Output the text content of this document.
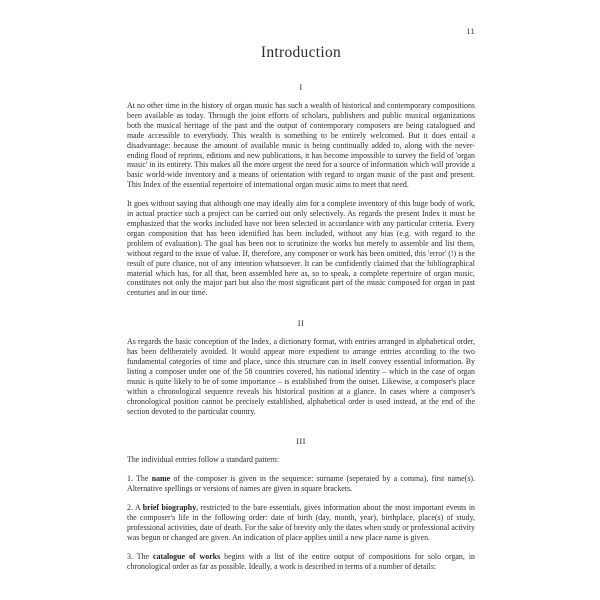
11
Introduction
I

At no other time in the history of organ music has such a wealth of historical and contemporary compositions been available as today. Through the joint efforts of scholars, publishers and public musical organizations both the musical heritage of the past and the output of contemporary composers are being catalogued and made accessible to everybody. This wealth is something to be entirely welcomed. But it does entail a disadvantage: because the amount of available music is being continually added to, along with the never-ending flood of reprints, editions and new publications, it has become impossible to survey the field of 'organ music' in its entirety. This makes all the more urgent the need for a source of information which will provide a basic world-wide inventory and a means of orientation with regard to organ music of the past and present. This Index of the essential repertoire of international organ music aims to meet that need.

It goes without saying that although one may ideally aim for a complete inventory of this huge body of work, in actual practice such a project can be carried out only selectively. As regards the present Index it must be emphasized that the works included have not been selected in accordance with any particular criteria. Every organ composition that has been identified has been included, without any bias (e.g. with regard to the problem of evaluation). The goal has been not to scrutinize the works but merely to assemble and list them, without regard to the issue of value. If, therefore, any composer or work has been omitted, this 'error' (!) is the result of pure chance, not of any intention whatsoever. It can be confidently claimed that the bibliographical material which has, for all that, been assembled here as, so to speak, a complete repertoire of organ music, constitutes not only the major part but also the most significant part of the music composed for organ in past centuries and in our time.

II

As regards the basic conception of the Index, a dictionary format, with entries arranged in alphabetical order, has been deliberately avoided. It would appear more expedient to arrange entries according to the two fundamental categories of time and place, since this structure can in itself convey essential information. By listing a composer under one of the 58 countries covered, his national identity – which in the case of organ music is quite likely to be of some importance – is established from the outset. Likewise, a composer's place within a chronological sequence reveals his historical position at a glance. In cases where a composer's chronological position cannot be precisely established, alphabetical order is used instead, at the end of the section devoted to the particular country.

III

The individual entries follow a standard pattern:

1. The name of the composer is given in the sequence: surname (seperated by a comma), first name(s). Alternative spellings or versions of names are given in square brackets.

2. A brief biography, restricted to the bare essentials, gives information about the most important events in the composer's life in the following order: date of birth (day, month, year), birthplace, place(s) of study, professional activities, date of death. For the sake of brevity only the dates when study or professional activity was begun or changed are given. An indication of place applies until a new place name is given.

3. The catalogue of works begins with a list of the entire output of compositions for solo organ, in chronological order as far as possible. Ideally, a work is described in terms of a number of details:
